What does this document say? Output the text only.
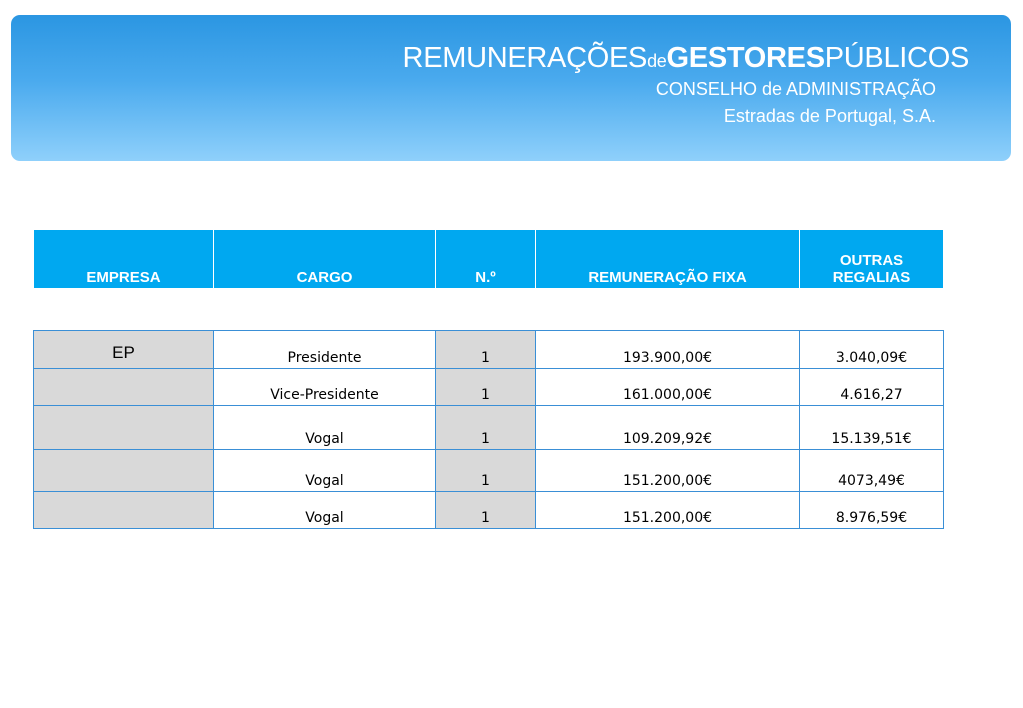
REMUNERAÇÕESdeGESTORESPÚBLICOS
CONSELHO de ADMINISTRAÇÃO
Estradas de Portugal, S.A.
EMPRESA	CARGO	N.º	REMUNERAÇÃO FIXA	OUTRAS REGALIAS
EP	Presidente	1	193.900,00€	3.040,09€
	Vice-Presidente	1	161.000,00€	4.616,27
	Vogal	1	109.209,92€	15.139,51€
	Vogal	1	151.200,00€	4073,49€
	Vogal	1	151.200,00€	8.976,59€
